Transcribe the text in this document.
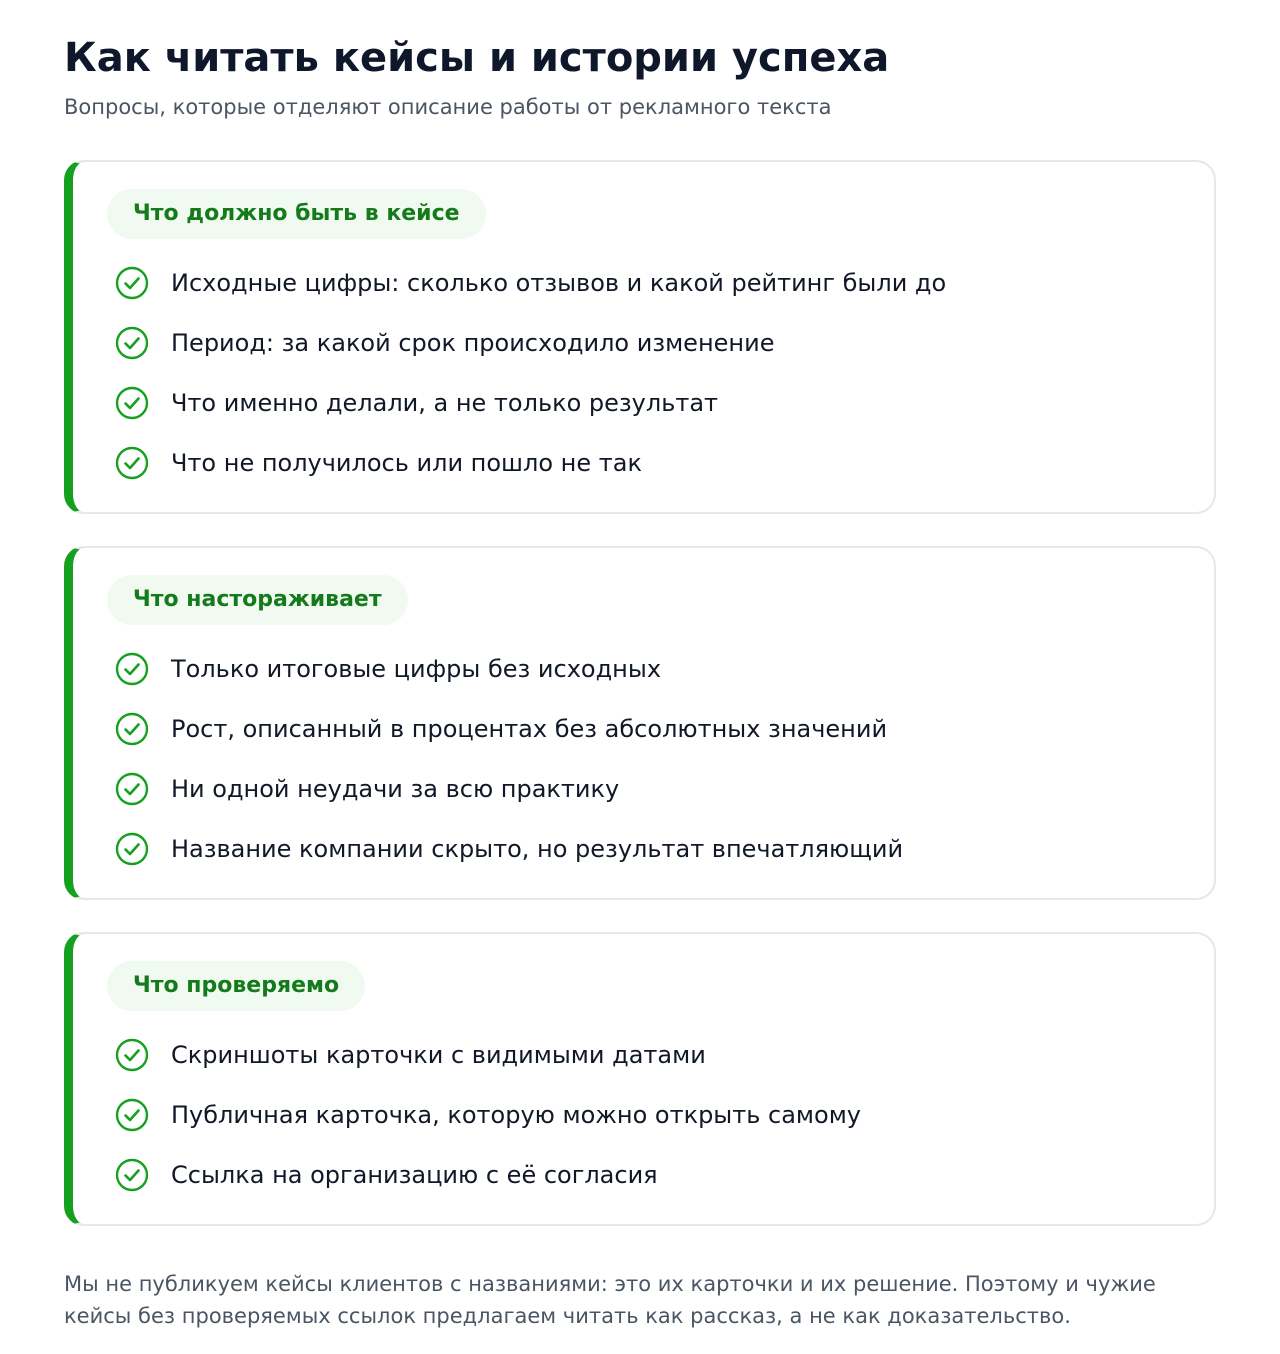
Как читать кейсы и истории успеха

Вопросы, которые отделяют описание работы от рекламного текста

Что должно быть в кейсе
Исходные цифры: сколько отзывов и какой рейтинг были до
Период: за какой срок происходило изменение
Что именно делали, а не только результат
Что не получилось или пошло не так
Что настораживает
Только итоговые цифры без исходных
Рост, описанный в процентах без абсолютных значений
Ни одной неудачи за всю практику
Название компании скрыто, но результат впечатляющий
Что проверяемо
Скриншоты карточки с видимыми датами
Публичная карточка, которую можно открыть самому
Ссылка на организацию с её согласия

Мы не публикуем кейсы клиентов с названиями: это их карточки и их решение. Поэтому и чужие кейсы без проверяемых ссылок предлагаем читать как рассказ, а не как доказательство.
